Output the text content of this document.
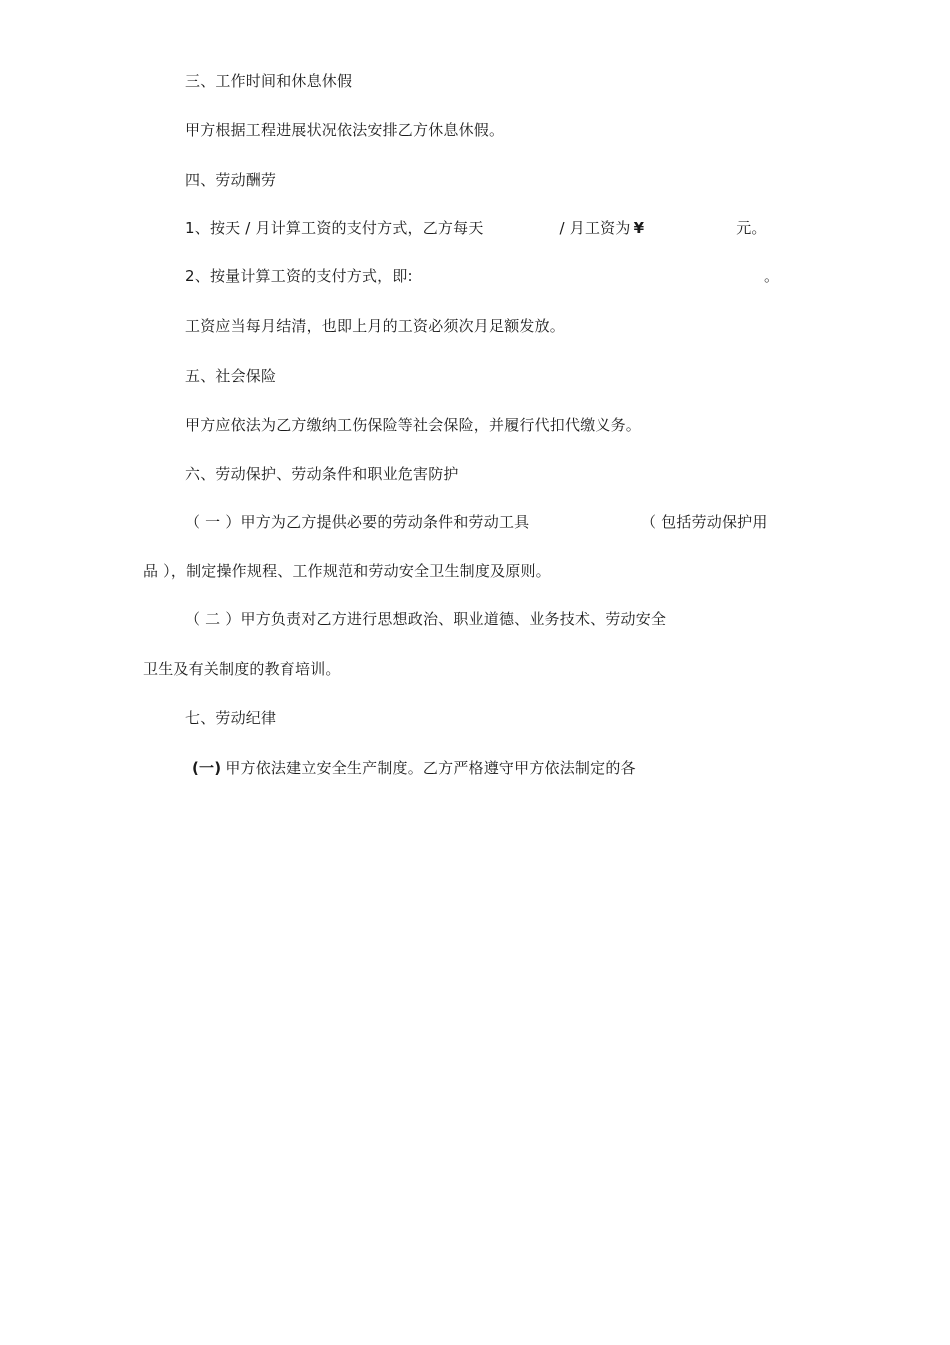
三、工作时间和休息休假
甲方根据工程进展状况依法安排乙方休息休假。
四、劳动酬劳
1、按天 / 月计算工资的支付方式，乙方每天	/ 月工资为 ¥	元。
2、按量计算工资的支付方式，即:	。
工资应当每月结清，也即上月的工资必须次月足额发放。
五、社会保险
甲方应依法为乙方缴纳工伤保险等社会保险，并履行代扣代缴义务。
六、劳动保护、劳动条件和职业危害防护
（ 一 ）甲方为乙方提供必要的劳动条件和劳动工具	（ 包括劳动保护用
品 ），制定操作规程、工作规范和劳动安全卫生制度及原则。
（ 二 ）甲方负责对乙方进行思想政治、职业道德、业务技术、劳动安全
卫生及有关制度的教育培训。
七、劳动纪律
(一) 甲方依法建立安全生产制度。乙方严格遵守甲方依法制定的各
